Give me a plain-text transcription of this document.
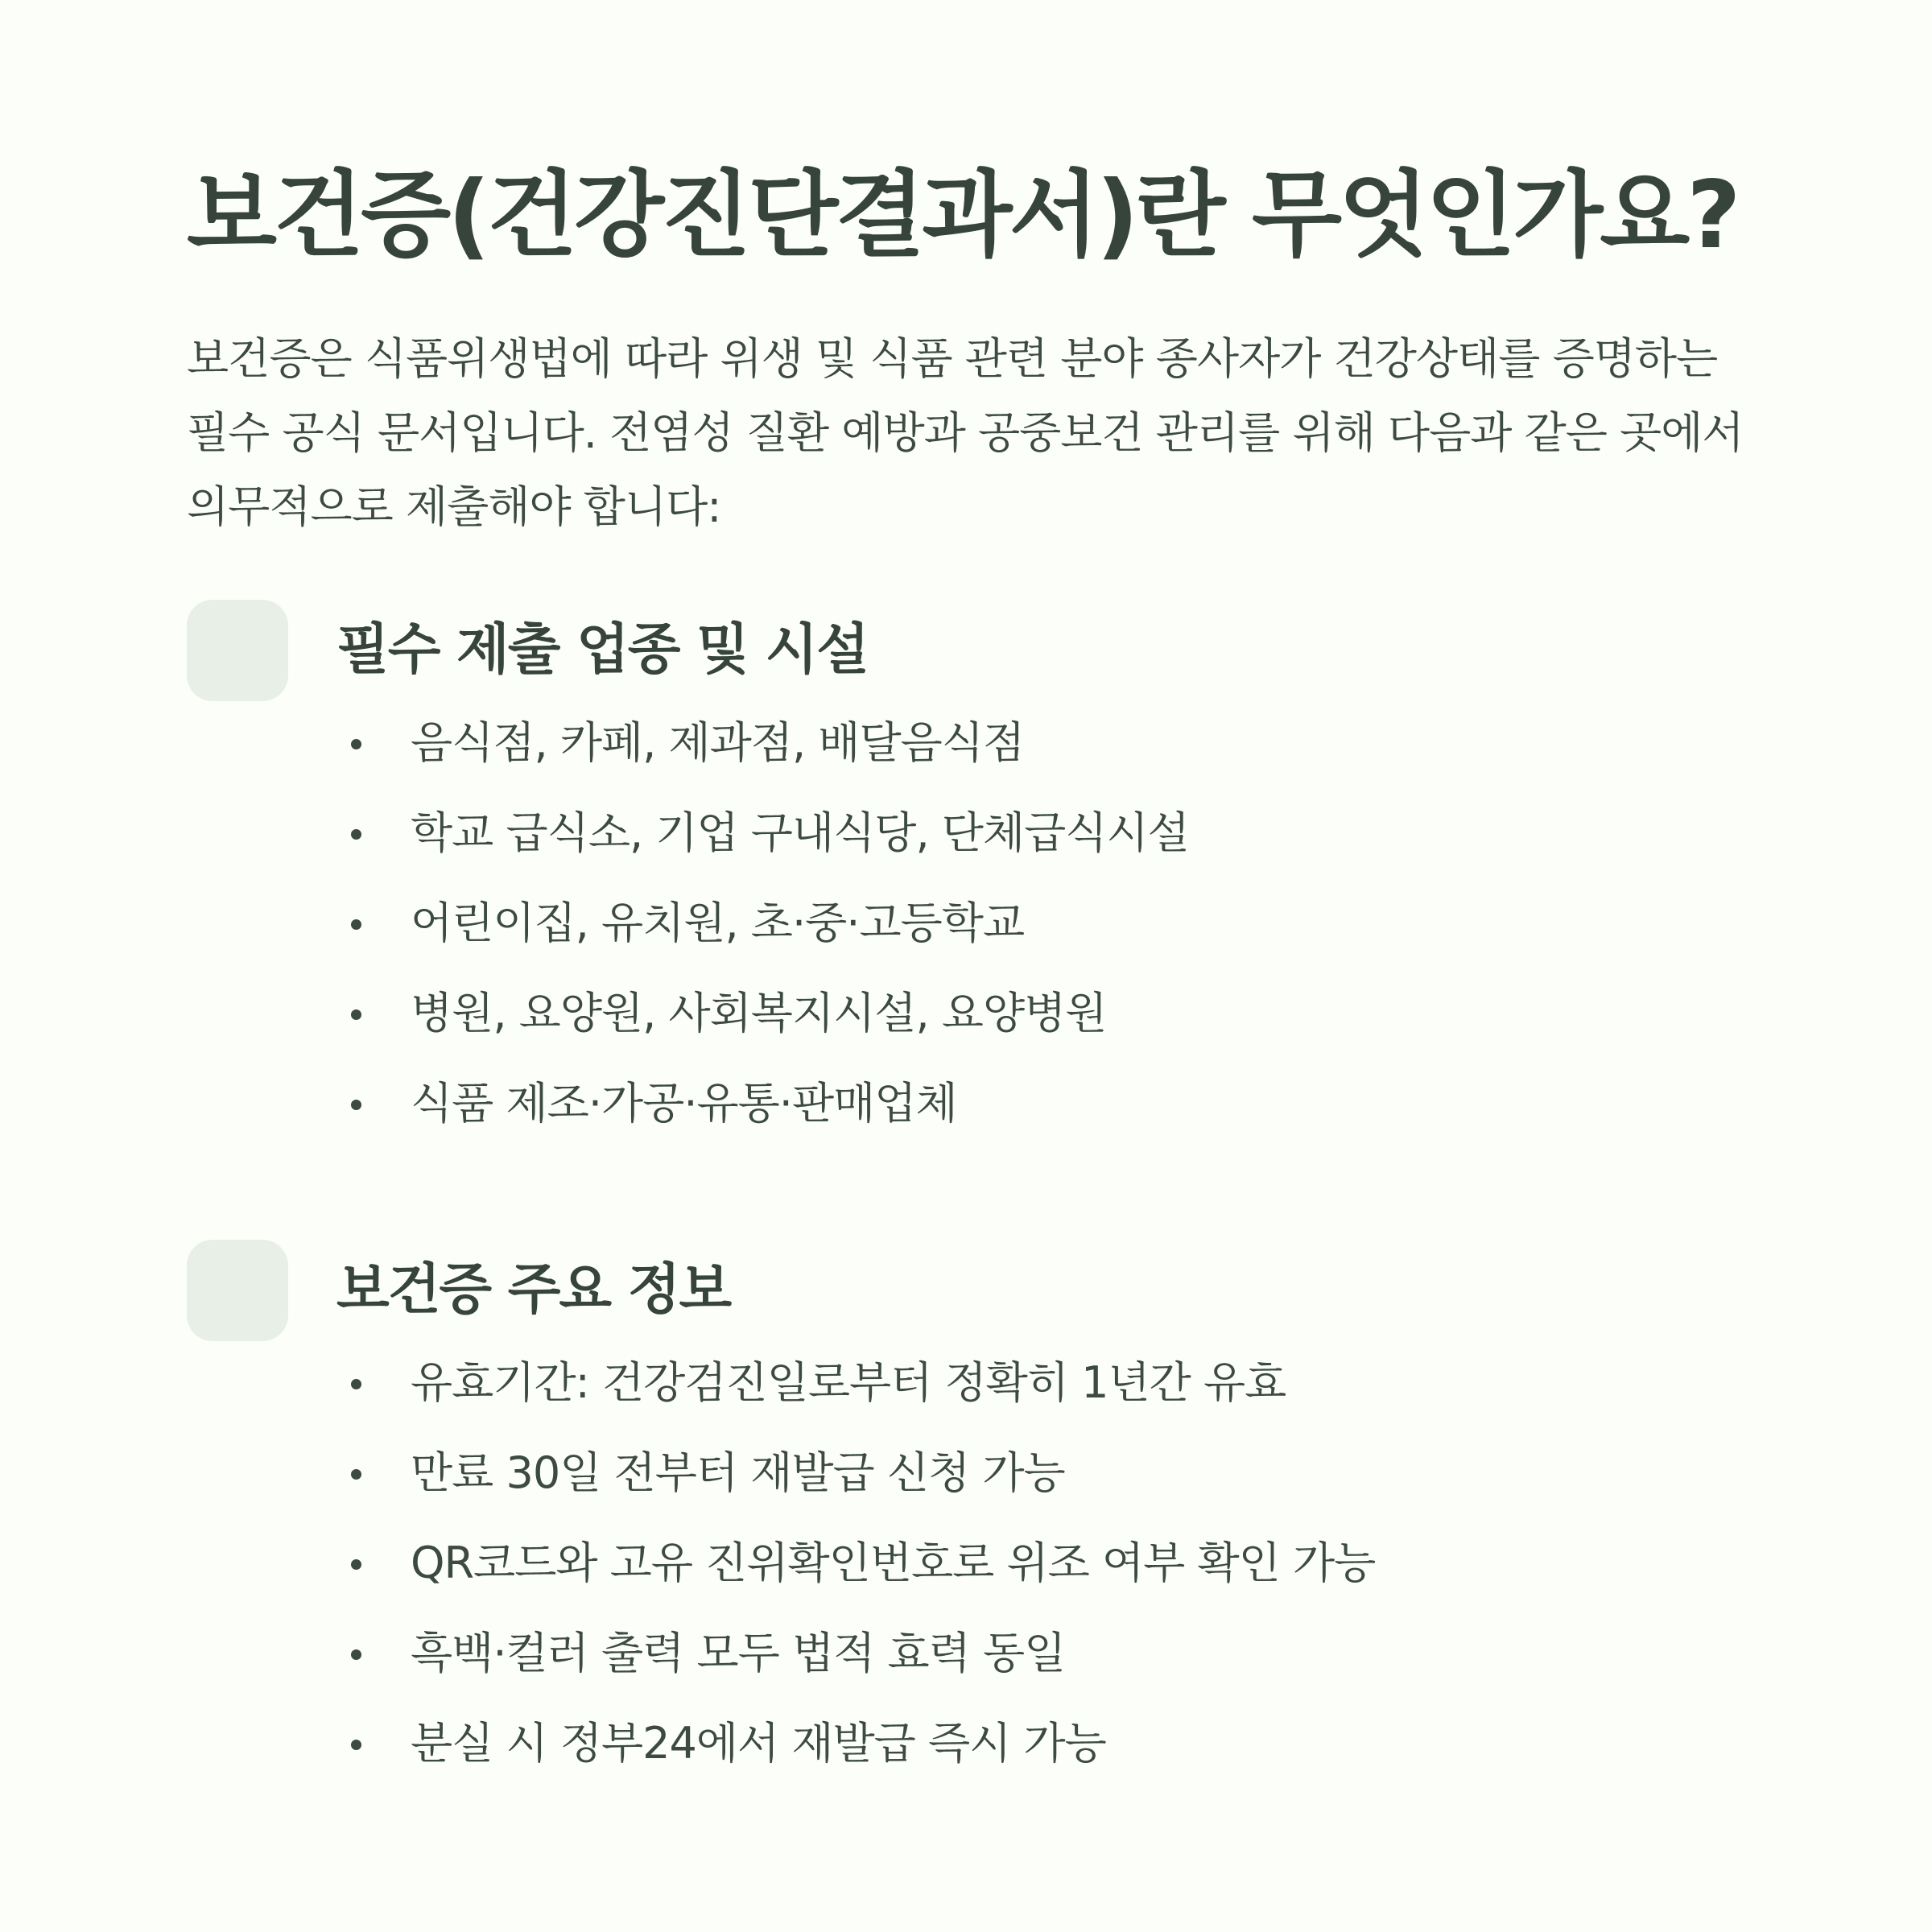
보건증(건강진단결과서)란 무엇인가요?

보건증은 식품위생법에 따라 위생 및 식품 관련 분야 종사자가 건강상태를 증명하는 필수 공식 문서입니다. 전염성 질환 예방과 공중보건 관리를 위해 다음과 같은 곳에서 의무적으로 제출해야 합니다:

필수 제출 업종 및 시설
음식점, 카페, 제과점, 배달음식점
학교 급식소, 기업 구내식당, 단체급식시설
어린이집, 유치원, 초·중·고등학교
병원, 요양원, 사회복지시설, 요양병원
식품 제조·가공·유통·판매업체
보건증 주요 정보
유효기간: 건강검진일로부터 정확히 1년간 유효
만료 30일 전부터 재발급 신청 가능
QR코드와 고유 진위확인번호로 위조 여부 확인 가능
흑백·컬러 출력 모두 법적 효력 동일
분실 시 정부24에서 재발급 즉시 가능
